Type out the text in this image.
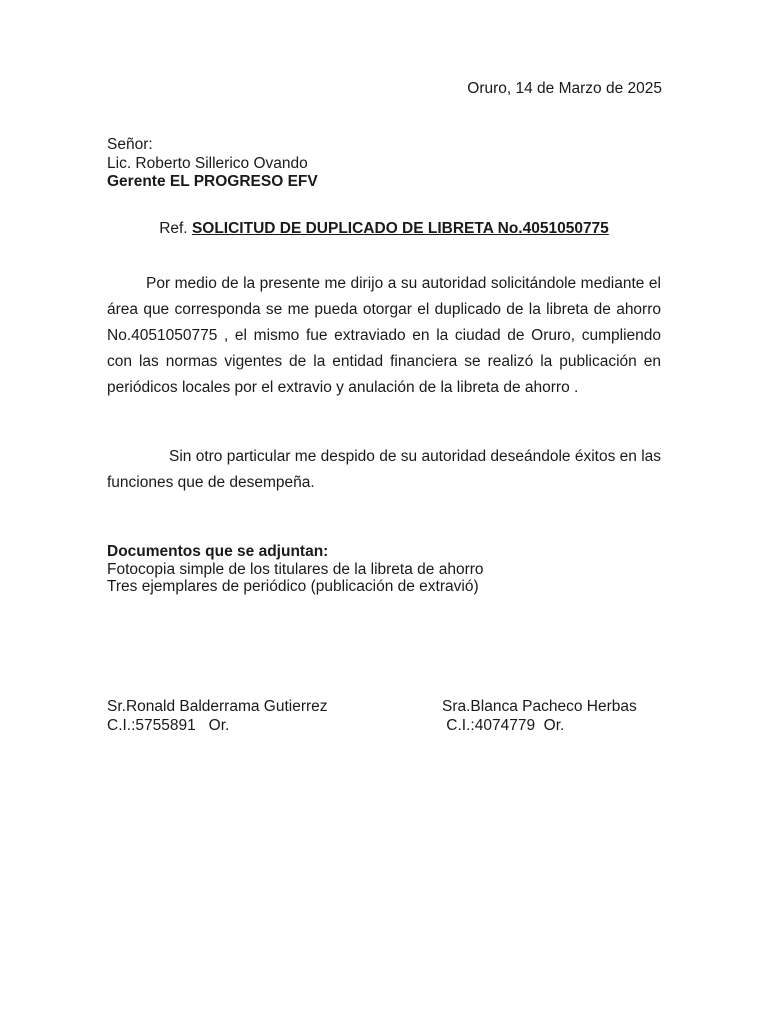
Oruro, 14 de Marzo de 2025
Señor:
Lic. Roberto Sillerico Ovando
Gerente EL PROGRESO EFV
Ref. SOLICITUD DE DUPLICADO DE LIBRETA No.4051050775

Por medio de la presente me dirijo a su autoridad solicitándole mediante el área que corresponda se me pueda otorgar el duplicado de la libreta de ahorro No.4051050775 , el mismo fue extraviado en la ciudad de Oruro, cumpliendo con las normas vigentes de la entidad financiera se realizó la publicación en periódicos locales por el extravio y anulación de la libreta de ahorro .

Sin otro particular me despido de su autoridad deseándole éxitos en las funciones que de desempeña.

Documentos que se adjuntan:
Fotocopia simple de los titulares de la libreta de ahorro
Tres ejemplares de periódico (publicación de extravió)
Sr.Ronald Balderrama Gutierrez
C.I.:5755891   Or.
Sra.Blanca Pacheco Herbas
C.I.:4074779  Or.
